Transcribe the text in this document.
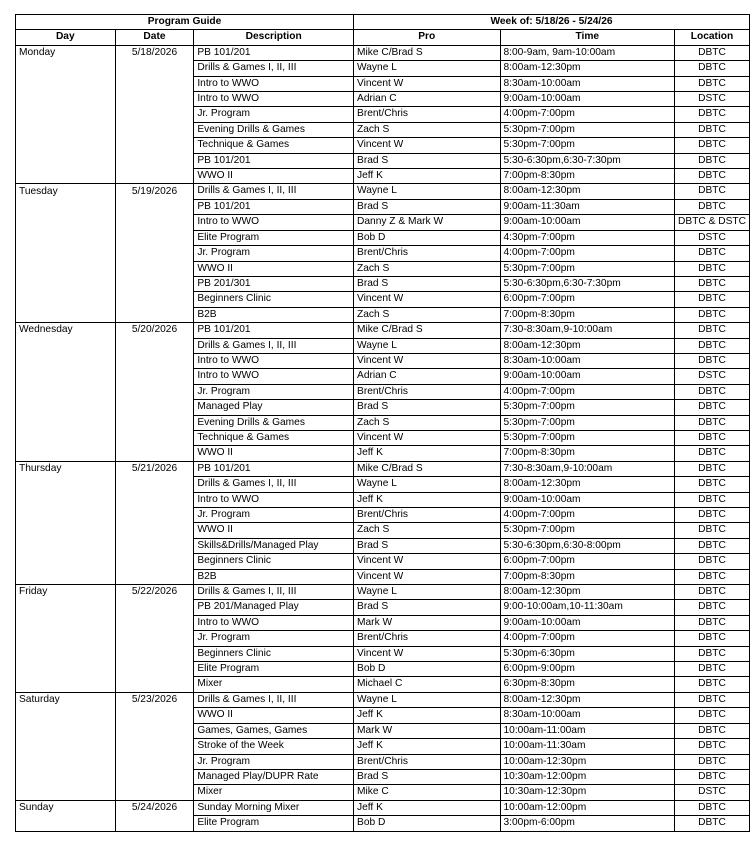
Program Guide			Week of: 5/18/26 - 5/24/26		
Day	Date	Description	Pro	Time	Location
Monday	5/18/2026	PB 101/201	Mike C/Brad S	8:00-9am, 9am-10:00am	DBTC
		Drills & Games I, II, III	Wayne L	8:00am-12:30pm	DBTC
		Intro to WWO	Vincent W	8:30am-10:00am	DBTC
		Intro to WWO	Adrian C	9:00am-10:00am	DSTC
		Jr. Program	Brent/Chris	4:00pm-7:00pm	DBTC
		Evening Drills & Games	Zach S	5:30pm-7:00pm	DBTC
		Technique & Games	Vincent W	5:30pm-7:00pm	DBTC
		PB 101/201	Brad S	5:30-6:30pm,6:30-7:30pm	DBTC
		WWO II	Jeff K	7:00pm-8:30pm	DBTC
Tuesday	5/19/2026	Drills & Games I, II, III	Wayne L	8:00am-12:30pm	DBTC
		PB 101/201	Brad S	9:00am-11:30am	DBTC
		Intro to WWO	Danny Z & Mark W	9:00am-10:00am	DBTC & DSTC
		Elite Program	Bob D	4:30pm-7:00pm	DSTC
		Jr. Program	Brent/Chris	4:00pm-7:00pm	DBTC
		WWO II	Zach S	5:30pm-7:00pm	DBTC
		PB 201/301	Brad S	5:30-6:30pm,6:30-7:30pm	DBTC
		Beginners Clinic	Vincent W	6:00pm-7:00pm	DBTC
		B2B	Zach S	7:00pm-8:30pm	DBTC
Wednesday	5/20/2026	PB 101/201	Mike C/Brad S	7:30-8:30am,9-10:00am	DBTC
		Drills & Games I, II, III	Wayne L	8:00am-12:30pm	DBTC
		Intro to WWO	Vincent W	8:30am-10:00am	DBTC
		Intro to WWO	Adrian C	9:00am-10:00am	DSTC
		Jr. Program	Brent/Chris	4:00pm-7:00pm	DBTC
		Managed Play	Brad S	5:30pm-7:00pm	DBTC
		Evening Drills & Games	Zach S	5:30pm-7:00pm	DBTC
		Technique & Games	Vincent W	5:30pm-7:00pm	DBTC
		WWO II	Jeff K	7:00pm-8:30pm	DBTC
Thursday	5/21/2026	PB 101/201	Mike C/Brad S	7:30-8:30am,9-10:00am	DBTC
		Drills & Games I, II, III	Wayne L	8:00am-12:30pm	DBTC
		Intro to WWO	Jeff K	9:00am-10:00am	DBTC
		Jr. Program	Brent/Chris	4:00pm-7:00pm	DBTC
		WWO II	Zach S	5:30pm-7:00pm	DBTC
		Skills&Drills/Managed Play	Brad S	5:30-6:30pm,6:30-8:00pm	DBTC
		Beginners Clinic	Vincent W	6:00pm-7:00pm	DBTC
		B2B	Vincent W	7:00pm-8:30pm	DBTC
Friday	5/22/2026	Drills & Games I, II, III	Wayne L	8:00am-12:30pm	DBTC
		PB 201/Managed Play	Brad S	9:00-10:00am,10-11:30am	DBTC
		Intro to WWO	Mark W	9:00am-10:00am	DBTC
		Jr. Program	Brent/Chris	4:00pm-7:00pm	DBTC
		Beginners Clinic	Vincent W	5:30pm-6:30pm	DBTC
		Elite Program	Bob D	6:00pm-9:00pm	DBTC
		Mixer	Michael C	6:30pm-8:30pm	DBTC
Saturday	5/23/2026	Drills & Games I, II, III	Wayne L	8:00am-12:30pm	DBTC
		WWO II	Jeff K	8:30am-10:00am	DBTC
		Games, Games, Games	Mark W	10:00am-11:00am	DBTC
		Stroke of the Week	Jeff K	10:00am-11:30am	DBTC
		Jr. Program	Brent/Chris	10:00am-12:30pm	DBTC
		Managed Play/DUPR Rate	Brad S	10:30am-12:00pm	DBTC
		Mixer	Mike C	10:30am-12:30pm	DSTC
Sunday	5/24/2026	Sunday Morning Mixer	Jeff K	10:00am-12:00pm	DBTC
		Elite Program	Bob D	3:00pm-6:00pm	DBTC
